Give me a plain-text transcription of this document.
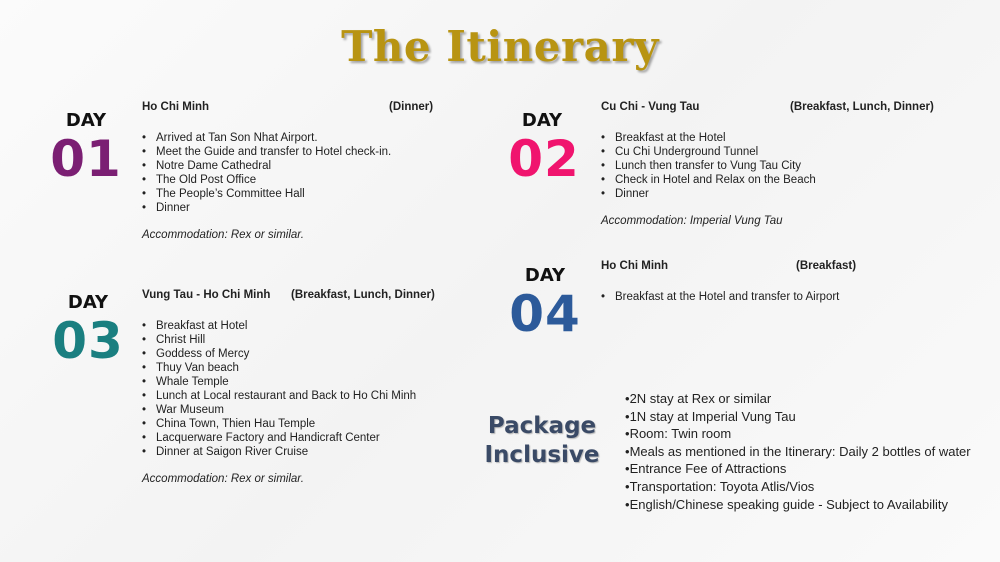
The Itinerary
DAY
01
Ho Chi Minh	(Dinner)
• Arrived at Tan Son Nhat Airport.
• Meet the Guide and transfer to Hotel check-in.
• Notre Dame Cathedral
• The Old Post Office
• The People’s Committee Hall
• Dinner
Accommodation: Rex or similar.
DAY
02
Cu Chi - Vung Tau	(Breakfast, Lunch, Dinner)
• Breakfast at the Hotel
• Cu Chi Underground Tunnel
• Lunch then transfer to Vung Tau City
• Check in Hotel and Relax on the Beach
• Dinner
Accommodation: Imperial Vung Tau
DAY
03
Vung Tau - Ho Chi Minh (Breakfast, Lunch, Dinner)
• Breakfast at Hotel
• Christ Hill
• Goddess of Mercy
• Thuy Van beach
• Whale Temple
• Lunch at Local restaurant and Back to Ho Chi Minh
• War Museum
• China Town, Thien Hau Temple
• Lacquerware Factory and Handicraft Center
• Dinner at Saigon River Cruise
Accommodation: Rex or similar.
DAY
04
Ho Chi Minh	(Breakfast)
• Breakfast at the Hotel and transfer to Airport
Package
Inclusive
• 2N stay at Rex or similar
• 1N stay at Imperial Vung Tau
• Room: Twin room
• Meals as mentioned in the Itinerary: Daily 2 bottles of water
• Entrance Fee of Attractions
• Transportation: Toyota Atlis/Vios
• English/Chinese speaking guide - Subject to Availability
